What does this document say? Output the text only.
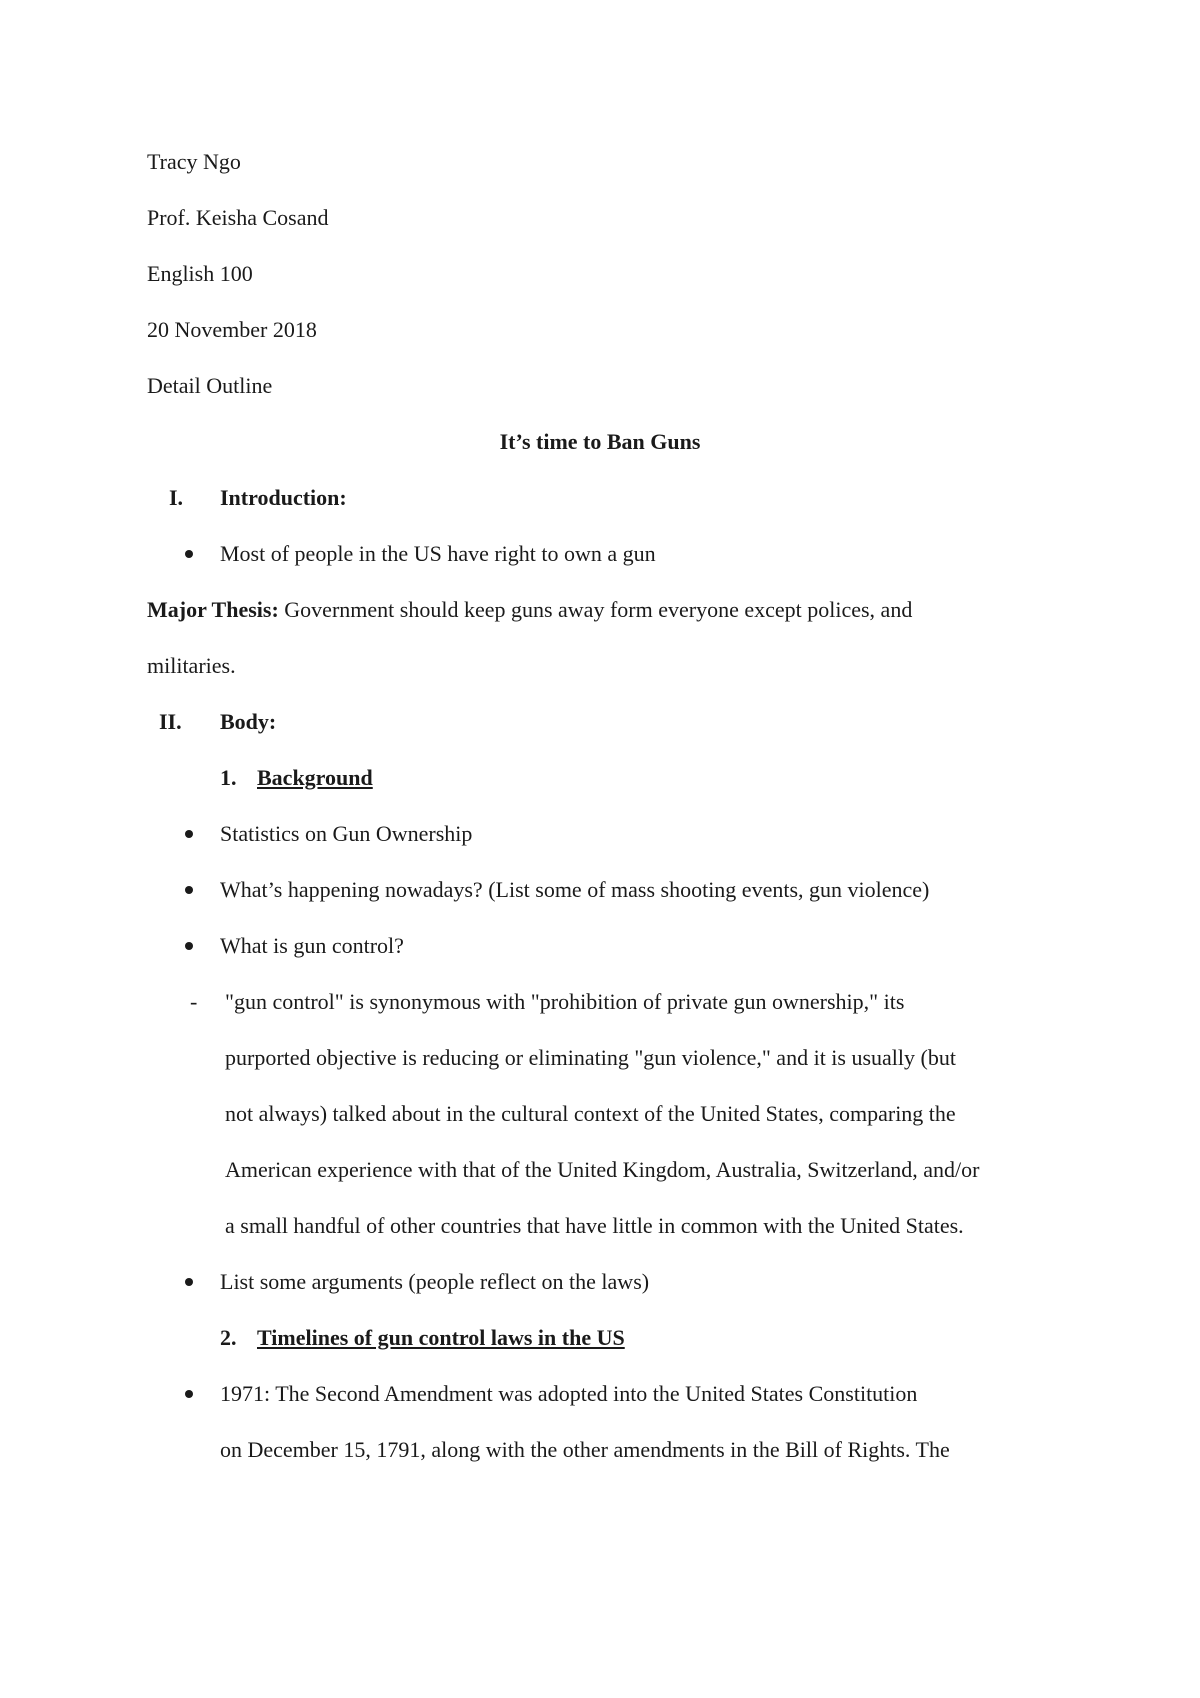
Tracy Ngo
Prof. Keisha Cosand
English 100
20 November 2018
Detail Outline
It’s time to Ban Guns
I. Introduction:
Most of people in the US have right to own a gun
Major Thesis: Government should keep guns away form everyone except polices, and
militaries.
II. Body:
1. Background
Statistics on Gun Ownership
What’s happening nowadays? (List some of mass shooting events, gun violence)
What is gun control?
- "gun control" is synonymous with "prohibition of private gun ownership," its
purported objective is reducing or eliminating "gun violence," and it is usually (but
not always) talked about in the cultural context of the United States, comparing the
American experience with that of the United Kingdom, Australia, Switzerland, and/or
a small handful of other countries that have little in common with the United States.
List some arguments (people reflect on the laws)
2. Timelines of gun control laws in the US
1971: The Second Amendment was adopted into the United States Constitution
on December 15, 1791, along with the other amendments in the Bill of Rights. The
